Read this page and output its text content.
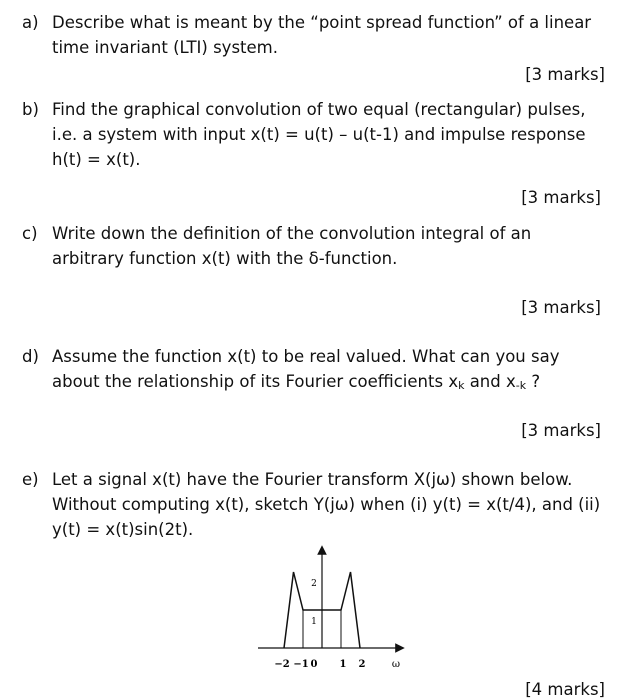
a) Describe what is meant by the “point spread function” of a linear
time invariant (LTI) system.
[3 marks]
b) Find the graphical convolution of two equal (rectangular) pulses,
i.e. a system with input x(t) = u(t) – u(t-1) and impulse response
h(t) = x(t).
[3 marks]
c) Write down the definition of the convolution integral of an
arbitrary function x(t) with the δ-function.
[3 marks]
d) Assume the function x(t) to be real valued. What can you say
about the relationship of its Fourier coefficients xk and x-k ?
[3 marks]
e) Let a signal x(t) have the Fourier transform X(jω) shown below.
Without computing x(t), sketch Y(jω) when (i) y(t) = x(t/4), and (ii)
y(t) = x(t)sin(2t).
2
1
−2 −1 0 1 2	ω
[4 marks]
